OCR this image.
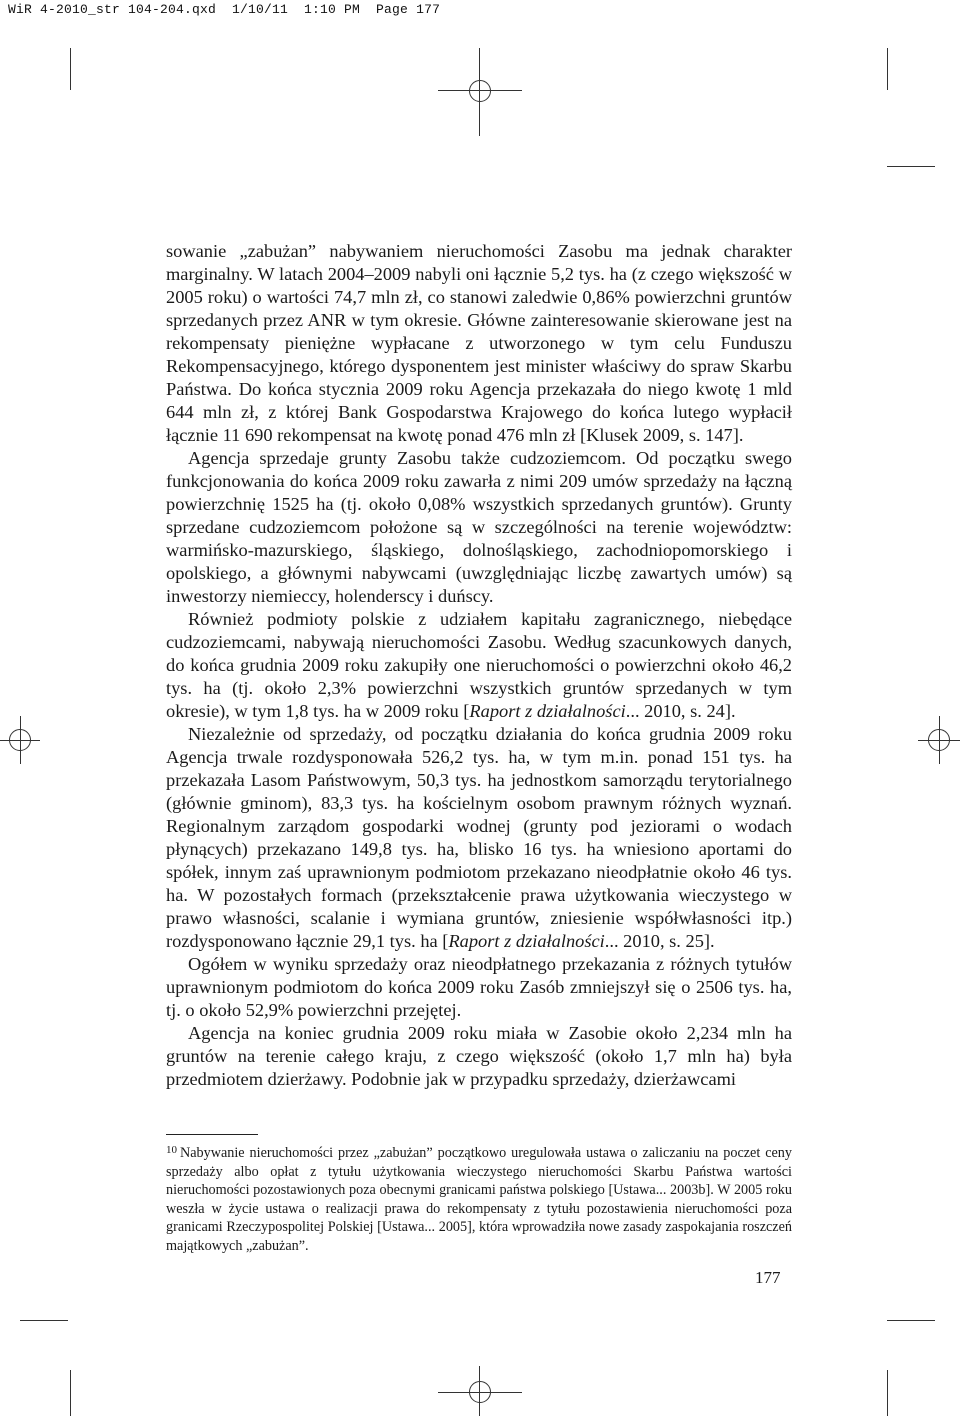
WiR 4-2010_str 104-204.qxd  1/10/11  1:10 PM  Page 177

sowanie „zabużan” nabywaniem nieruchomości Zasobu ma jednak charakter marginalny. W latach 2004–2009 nabyli oni łącznie 5,2 tys. ha (z czego większość w 2005 roku) o wartości 74,7 mln zł, co stanowi zaledwie 0,86% powierzchni gruntów sprzedanych przez ANR w tym okresie. Główne zainteresowanie skierowane jest na rekompensaty pieniężne wypłacane z utworzonego w tym celu Funduszu Rekompensacyjnego, którego dysponentem jest minister właściwy do spraw Skarbu Państwa. Do końca stycznia 2009 roku Agencja przekazała do niego kwotę 1 mld 644 mln zł, z której Bank Gospodarstwa Krajowego do końca lutego wypłacił łącznie 11 690 rekompensat na kwotę ponad 476 mln zł [Klusek 2009, s. 147].

Agencja sprzedaje grunty Zasobu także cudzoziemcom. Od początku swego funkcjonowania do końca 2009 roku zawarła z nimi 209 umów sprzedaży na łączną powierzchnię 1525 ha (tj. około 0,08% wszystkich sprzedanych gruntów). Grunty sprzedane cudzoziemcom położone są w szczególności na terenie województw: warmińsko-mazurskiego, śląskiego, dolnośląskiego, zachodniopomorskiego i opolskiego, a głównymi nabywcami (uwzględniając liczbę zawartych umów) są inwestorzy niemieccy, holenderscy i duńscy.

Również podmioty polskie z udziałem kapitału zagranicznego, niebędące cudzoziemcami, nabywają nieruchomości Zasobu. Według szacunkowych danych, do końca grudnia 2009 roku zakupiły one nieruchomości o powierzchni około 46,2 tys. ha (tj. około 2,3% powierzchni wszystkich gruntów sprzedanych w tym okresie), w tym 1,8 tys. ha w 2009 roku [Raport z działalności... 2010, s. 24].

Niezależnie od sprzedaży, od początku działania do końca grudnia 2009 roku Agencja trwale rozdysponowała 526,2 tys. ha, w tym m.in. ponad 151 tys. ha przekazała Lasom Państwowym, 50,3 tys. ha jednostkom samorządu terytorialnego (głównie gminom), 83,3 tys. ha kościelnym osobom prawnym różnych wyznań. Regionalnym zarządom gospodarki wodnej (grunty pod jeziorami o wodach płynących) przekazano 149,8 tys. ha, blisko 16 tys. ha wniesiono aportami do spółek, innym zaś uprawnionym podmiotom przekazano nieodpłatnie około 46 tys. ha. W pozostałych formach (przekształcenie prawa użytkowania wieczystego w prawo własności, scalanie i wymiana gruntów, zniesienie współwłasności itp.) rozdysponowano łącznie 29,1 tys. ha [Raport z działalności... 2010, s. 25].

Ogółem w wyniku sprzedaży oraz nieodpłatnego przekazania z różnych tytułów uprawnionym podmiotom do końca 2009 roku Zasób zmniejszył się o 2506 tys. ha, tj. o około 52,9% powierzchni przejętej.

Agencja na koniec grudnia 2009 roku miała w Zasobie około 2,234 mln ha gruntów na terenie całego kraju, z czego większość (około 1,7 mln ha) była przedmiotem dzierżawy. Podobnie jak w przypadku sprzedaży, dzierżawcami

$^{10}$ Nabywanie nieruchomości przez „zabużan” początkowo uregulowała ustawa o zaliczaniu na poczet ceny sprzedaży albo opłat z tytułu użytkowania wieczystego nieruchomości Skarbu Państwa wartości nieruchomości pozostawionych poza obecnymi granicami państwa polskiego [Ustawa... 2003b]. W 2005 roku weszła w życie ustawa o realizacji prawa do rekompensaty z tytułu pozostawienia nieruchomości poza granicami Rzeczypospolitej Polskiej [Ustawa... 2005], która wprowadziła nowe zasady zaspokajania roszczeń majątkowych „zabużan”.
177
